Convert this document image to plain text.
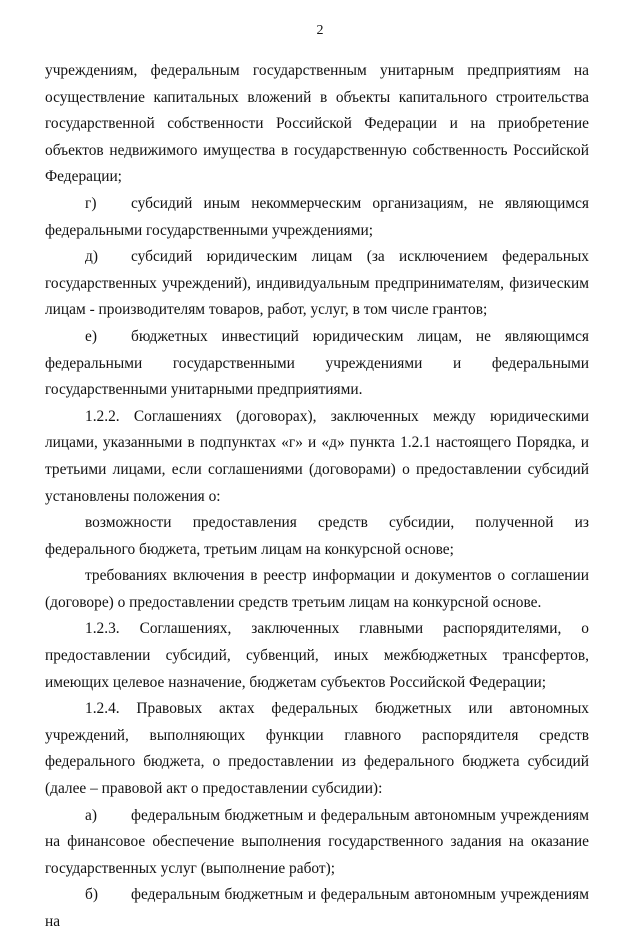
2

учреждениям, федеральным государственным унитарным предприятиям на осуществление капитальных вложений в объекты капитального строительства государственной собственности Российской Федерации и на приобретение объектов недвижимого имущества в государственную собственность Российской Федерации;

г) субсидий иным некоммерческим организациям, не являющимся федеральными государственными учреждениями;

д) субсидий юридическим лицам (за исключением федеральных государственных учреждений), индивидуальным предпринимателям, физическим лицам - производителям товаров, работ, услуг, в том числе грантов;

е) бюджетных инвестиций юридическим лицам, не являющимся федеральными государственными учреждениями и федеральными государственными унитарными предприятиями.

1.2.2. Соглашениях (договорах), заключенных между юридическими лицами, указанными в подпунктах «г» и «д» пункта 1.2.1 настоящего Порядка, и третьими лицами, если соглашениями (договорами) о предоставлении субсидий установлены положения о:

возможности предоставления средств субсидии, полученной из федерального бюджета, третьим лицам на конкурсной основе;

требованиях включения в реестр информации и документов о соглашении (договоре) о предоставлении средств третьим лицам на конкурсной основе.

1.2.3. Соглашениях, заключенных главными распорядителями, о предоставлении субсидий, субвенций, иных межбюджетных трансфертов, имеющих целевое назначение, бюджетам субъектов Российской Федерации;

1.2.4. Правовых актах федеральных бюджетных или автономных учреждений, выполняющих функции главного распорядителя средств федерального бюджета, о предоставлении из федерального бюджета субсидий (далее – правовой акт о предоставлении субсидии):

а) федеральным бюджетным и федеральным автономным учреждениям на финансовое обеспечение выполнения государственного задания на оказание государственных услуг (выполнение работ);

б) федеральным бюджетным и федеральным автономным учреждениям на
